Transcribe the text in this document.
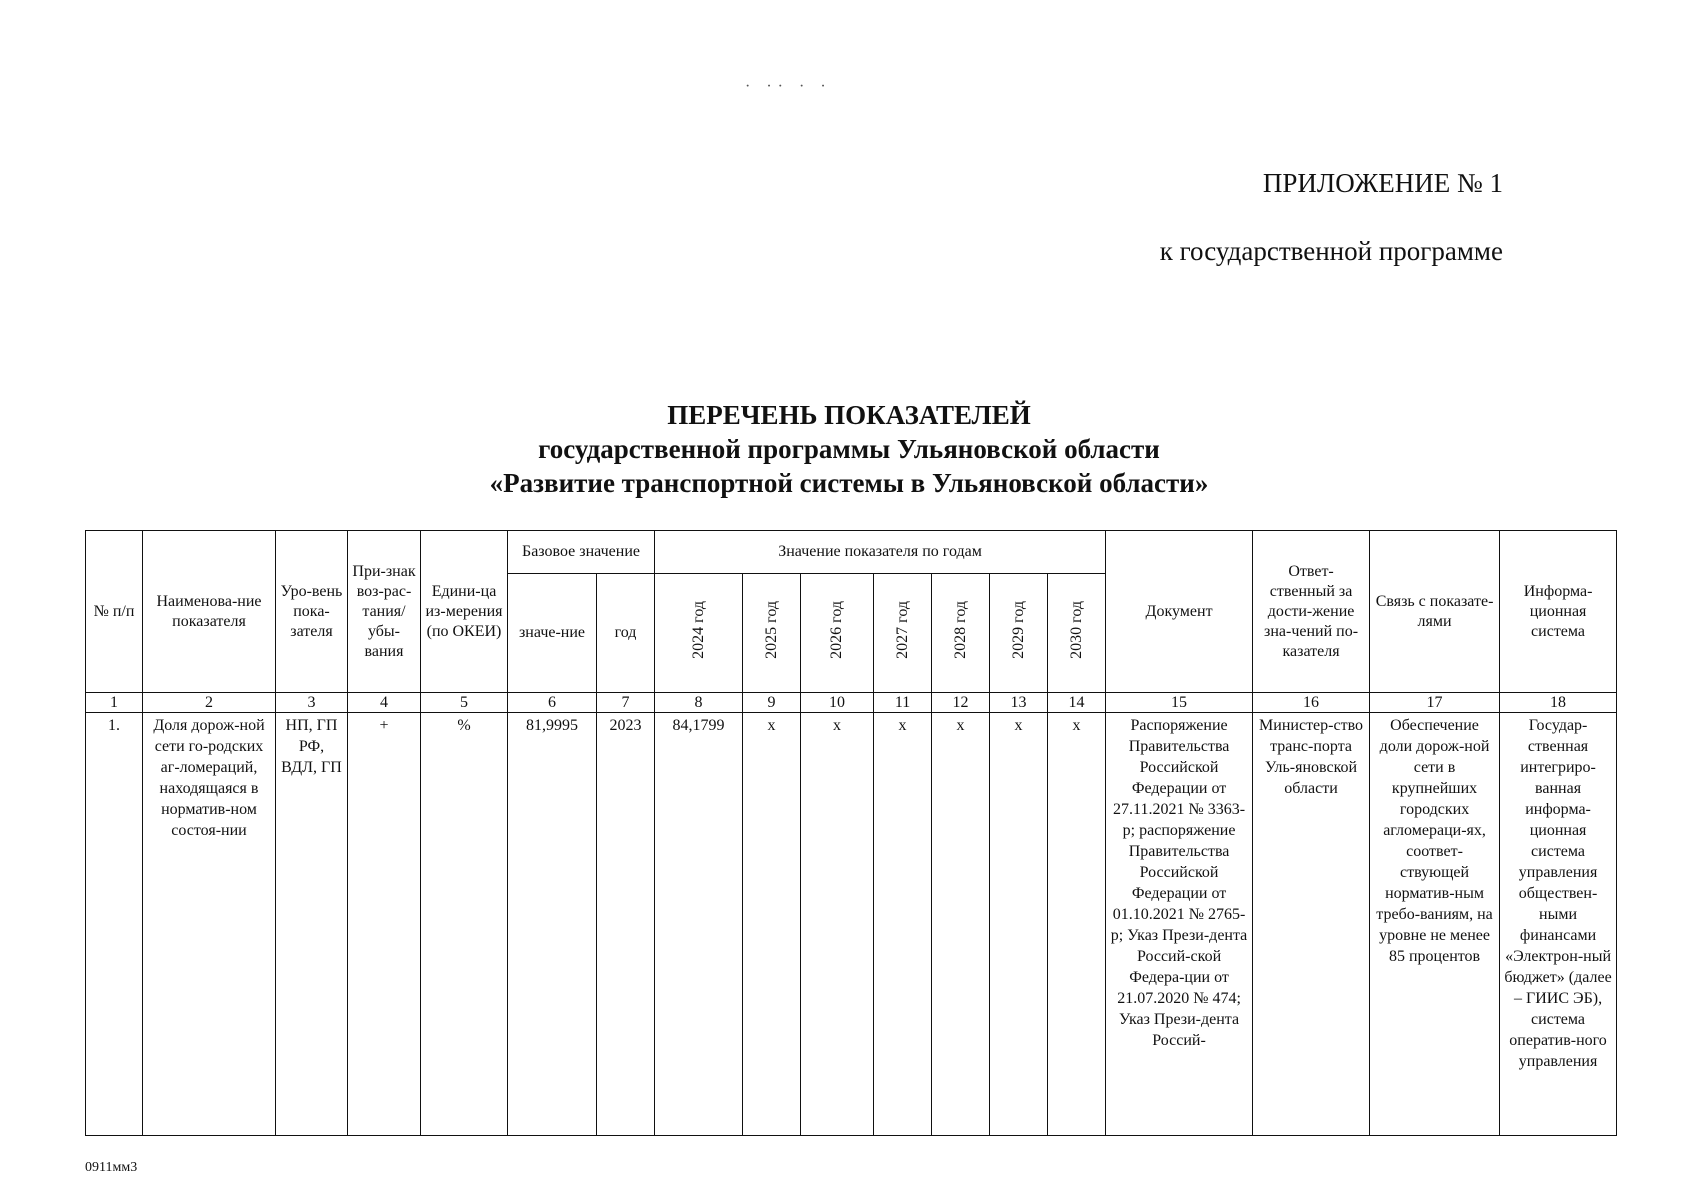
· ·· · ·
ПРИЛОЖЕНИЕ № 1
к государственной программе
ПЕРЕЧЕНЬ ПОКАЗАТЕЛЕЙ
государственной программы Ульяновской области
«Развитие транспортной системы в Ульяновской области»
№ п/п	Наименова-ние показателя	Уро-вень пока-зателя	При-знак воз-рас-тания/ убы-вания	Едини-ца из-мерения (по ОКЕИ)	Базовое значение		Значение показателя по годам							Документ	Ответ-ственный за дости-жение зна-чений по-казателя	Связь с показате-лями	Информа-ционная система
					значе-ние	год	2024 год	2025 год	2026 год	2027 год	2028 год	2029 год	2030 год				
1	2	3	4	5	6	7	8	9	10	11	12	13	14	15	16	17	18
1.	Доля дорож-ной сети го-родских аг-ломераций, находящаяся в норматив-ном состоя-нии	НП, ГП РФ, ВДЛ, ГП	+	%	81,9995	2023	84,1799	x	x	x	x	x	x	Распоряжение Правительства Российской Федерации от 27.11.2021 № 3363-р; распоряжение Правительства Российской Федерации от 01.10.2021 № 2765-р; Указ Прези-дента Россий-ской Федера-ции от 21.07.2020 № 474; Указ Прези-дента Россий-	Министер-ство транс-порта Уль-яновской области	Обеспечение доли дорож-ной сети в крупнейших городских агломераци-ях, соответ-ствующей норматив-ным требо-ваниям, на уровне не менее 85 процентов	Государ-ственная интегриро-ванная информа-ционная система управления обществен-ными финансами «Электрон-ный бюджет» (далее – ГИИС ЭБ), система оператив-ного управления
0911мм3
